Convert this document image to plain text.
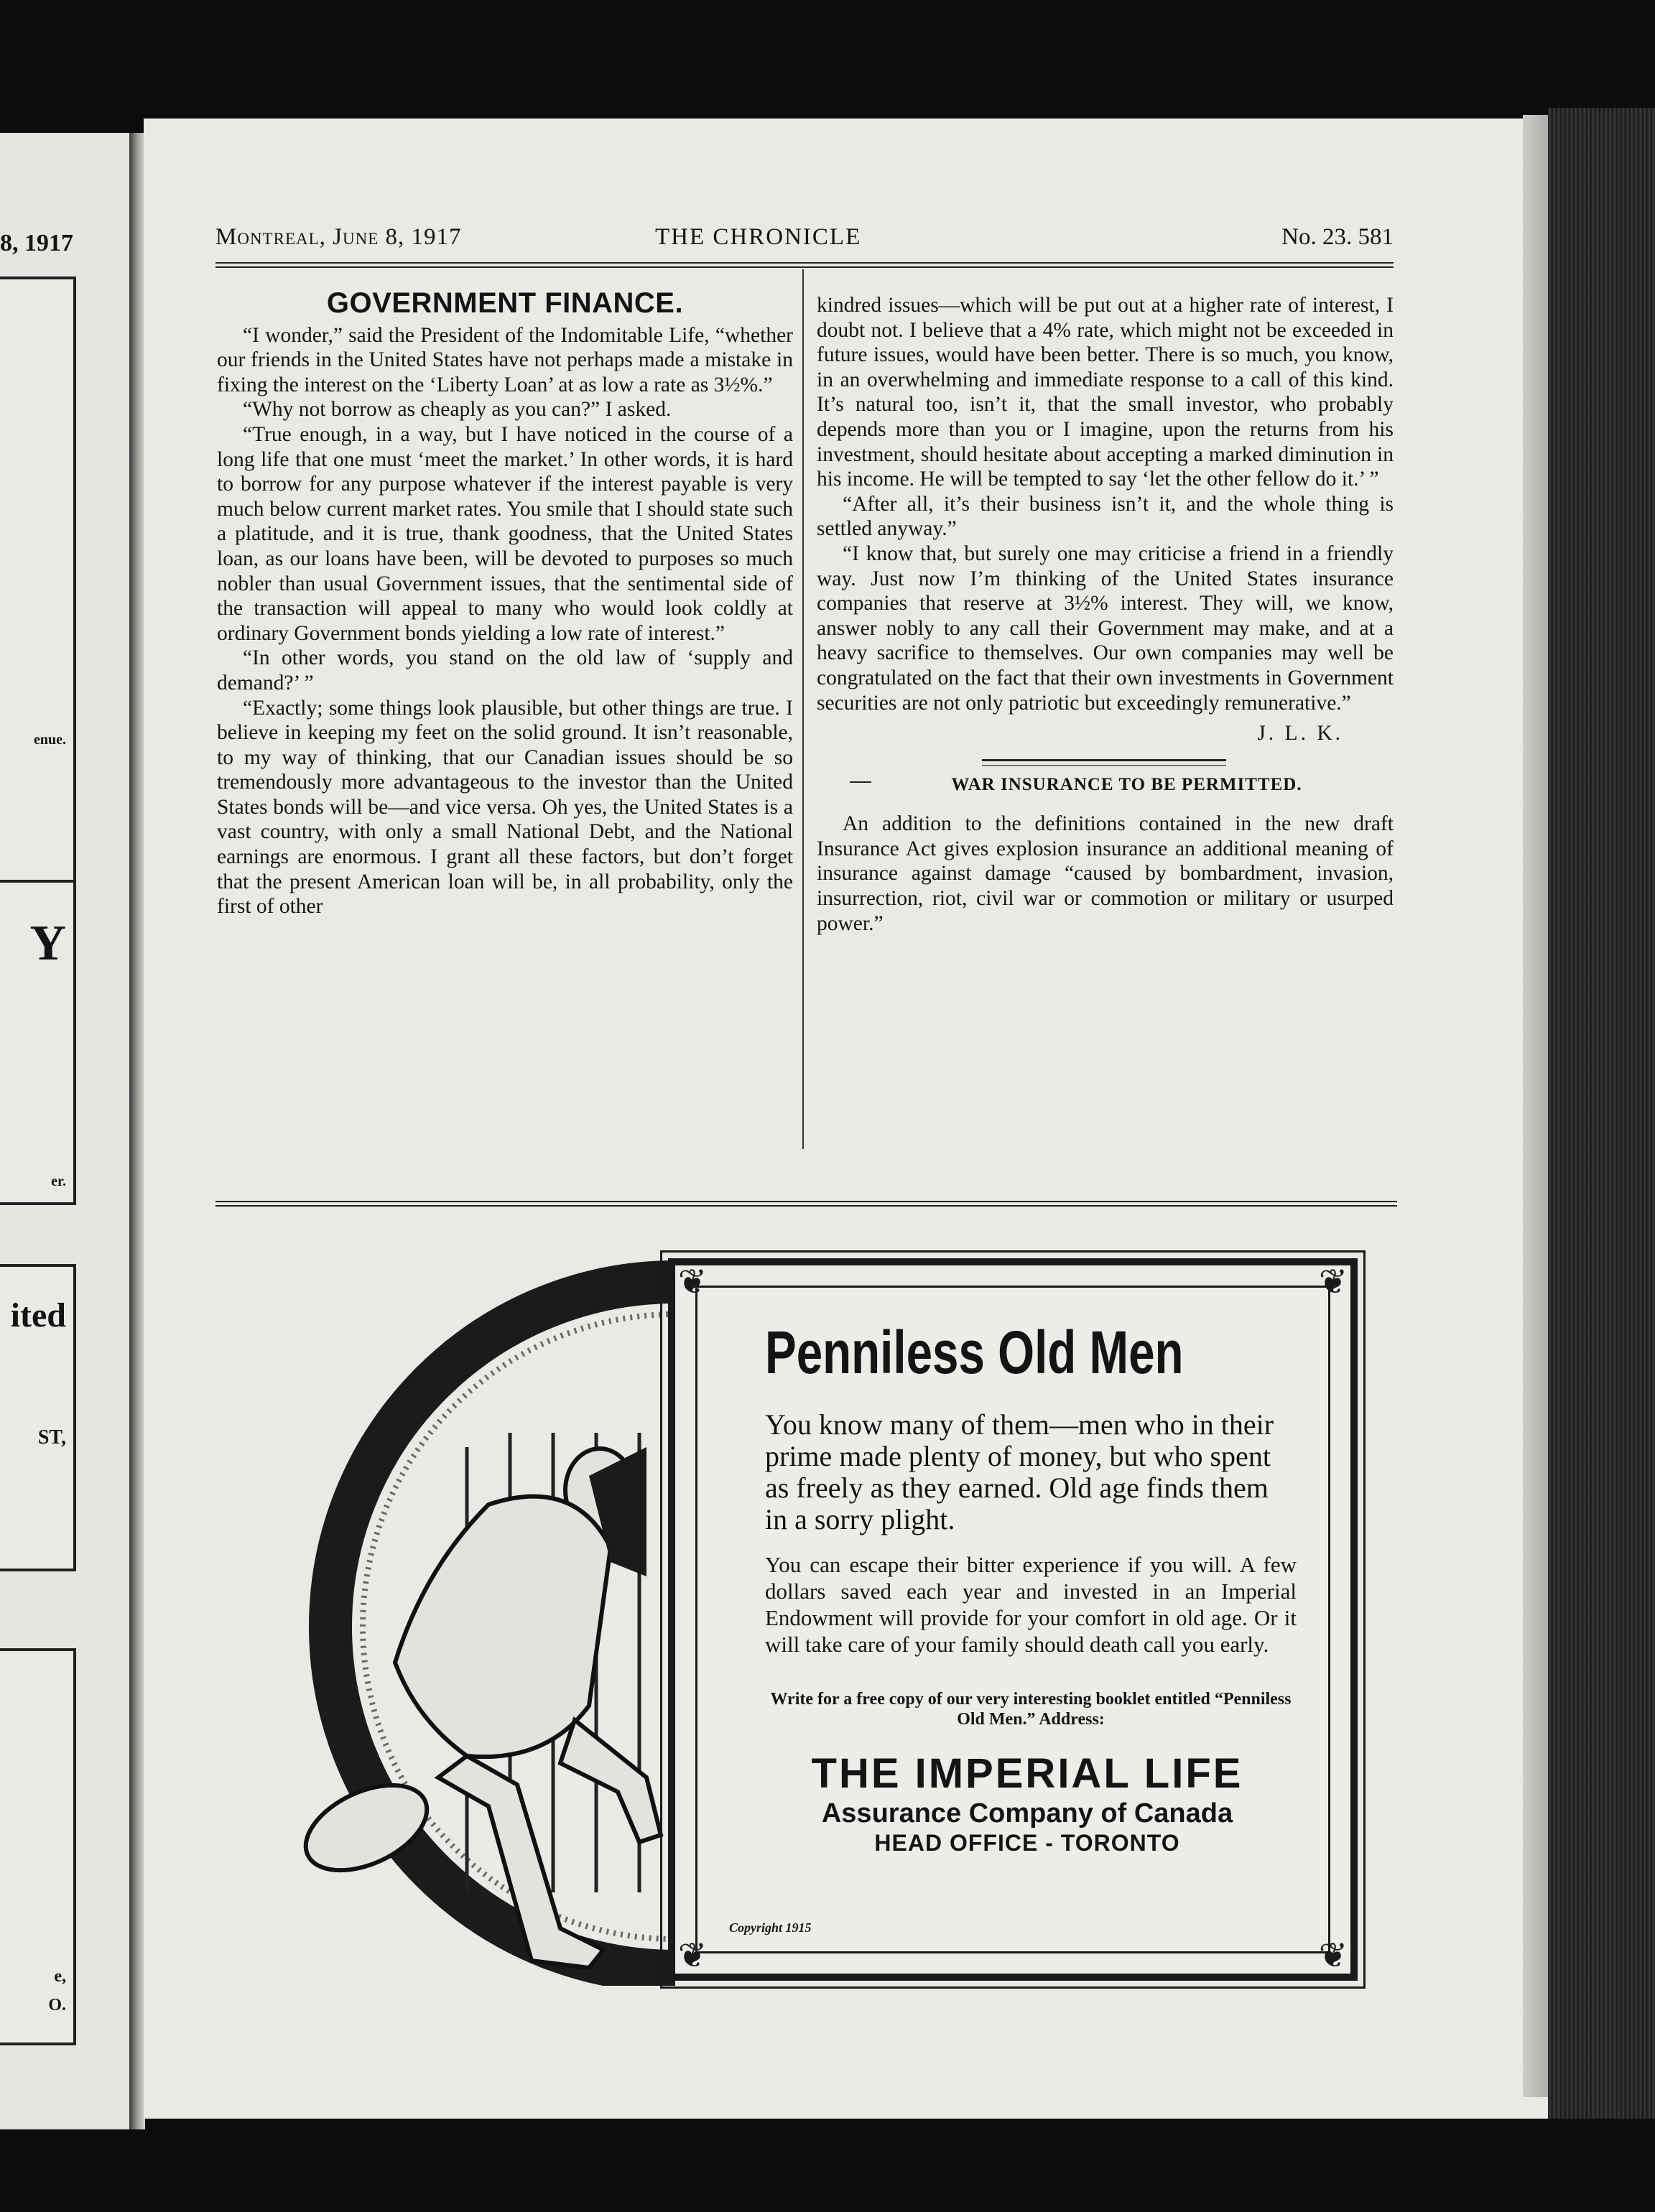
8, 1917
enue.
Y
er.
ited
ST,
e,
O.
Montreal, June 8, 1917	THE CHRONICLE	No. 23. 581
GOVERNMENT FINANCE.

“I wonder,” said the President of the Indomitable Life, “whether our friends in the United States have not perhaps made a mistake in fixing the interest on the ‘Liberty Loan’ at as low a rate as 3½%.”

“Why not borrow as cheaply as you can?” I asked.

“True enough, in a way, but I have noticed in the course of a long life that one must ‘meet the market.’ In other words, it is hard to borrow for any purpose whatever if the interest payable is very much below current market rates. You smile that I should state such a platitude, and it is true, thank goodness, that the United States loan, as our loans have been, will be devoted to purposes so much nobler than usual Government issues, that the sentimental side of the transaction will appeal to many who would look coldly at ordinary Government bonds yielding a low rate of interest.”

“In other words, you stand on the old law of ‘supply and demand?’ ”

“Exactly; some things look plausible, but other things are true. I believe in keeping my feet on the solid ground. It isn’t reasonable, to my way of thinking, that our Canadian issues should be so tremendously more advantageous to the investor than the United States bonds will be—and vice versa. Oh yes, the United States is a vast country, with only a small National Debt, and the National earnings are enormous. I grant all these factors, but don’t forget that the present American loan will be, in all probability, only the first of other

kindred issues—which will be put out at a higher rate of interest, I doubt not. I believe that a 4% rate, which might not be exceeded in future issues, would have been better. There is so much, you know, in an overwhelming and immediate response to a call of this kind. It’s natural too, isn’t it, that the small investor, who probably depends more than you or I imagine, upon the returns from his investment, should hesitate about accepting a marked diminution in his income. He will be tempted to say ‘let the other fellow do it.’ ”

“After all, it’s their business isn’t it, and the whole thing is settled anyway.”

“I know that, but surely one may criticise a friend in a friendly way. Just now I’m thinking of the United States insurance companies that reserve at 3½% interest. They will, we know, answer nobly to any call their Government may make, and at a heavy sacrifice to themselves. Our own companies may well be congratulated on the fact that their own investments in Government securities are not only patriotic but exceedingly remunerative.”

J. L. K.
WAR INSURANCE TO BE PERMITTED.

An addition to the definitions contained in the new draft Insurance Act gives explosion insurance an additional meaning of insurance against damage “caused by bombardment, invasion, insurrection, riot, civil war or commotion or military or usurped power.”

❦	❦
❦	❦
Penniless Old Men
You know many of them—men who in their prime made plenty of money, but who spent as freely as they earned. Old age finds them in a sorry plight.
You can escape their bitter experience if you will. A few dollars saved each year and invested in an Imperial Endowment will provide for your comfort in old age. Or it will take care of your family should death call you early.
Write for a free copy of our very interesting booklet entitled “Penniless Old Men.” Address:
THE IMPERIAL LIFE
Assurance Company of Canada
HEAD OFFICE - TORONTO
Copyright 1915
